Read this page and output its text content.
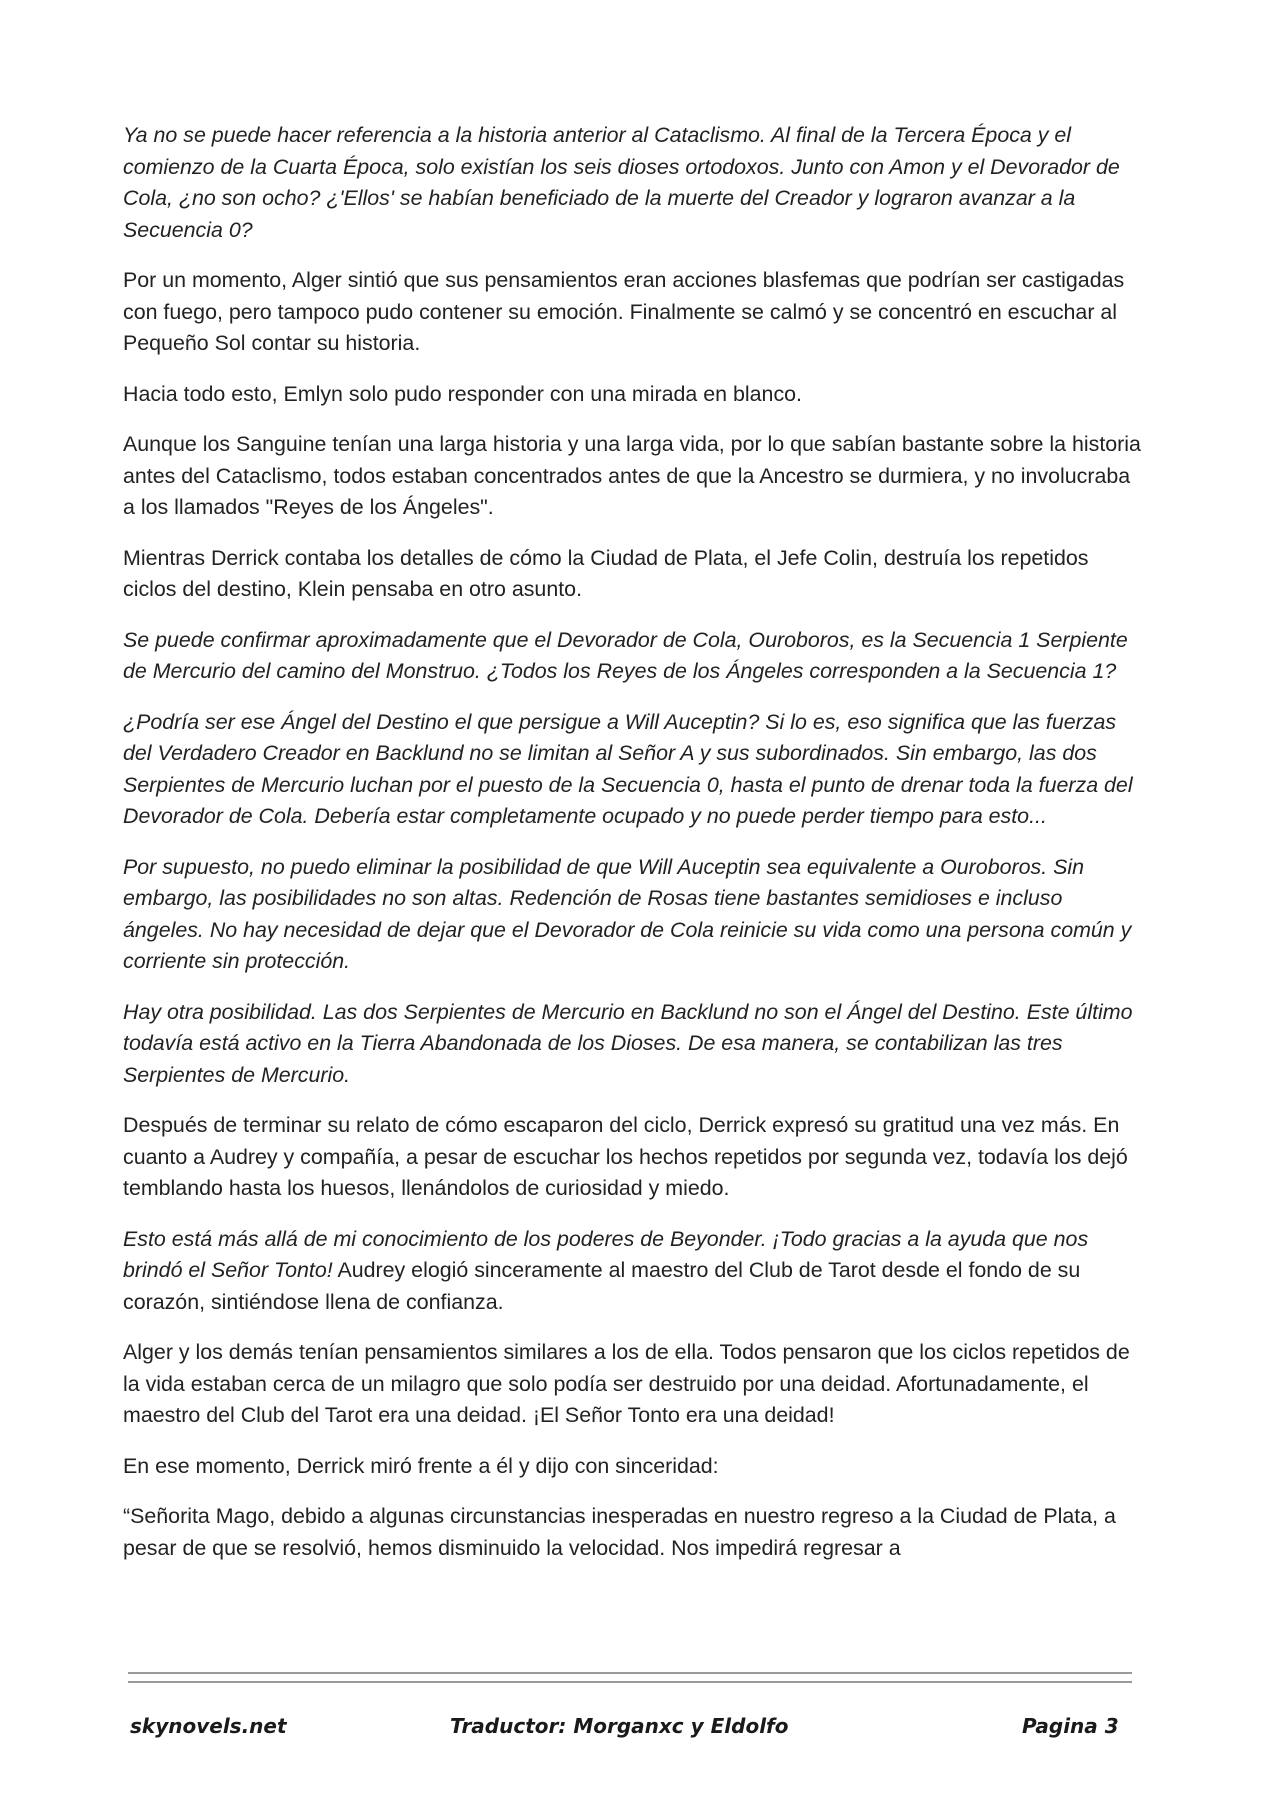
Ya no se puede hacer referencia a la historia anterior al Cataclismo. Al final de la Tercera Época y el comienzo de la Cuarta Época, solo existían los seis dioses ortodoxos. Junto con Amon y el Devorador de Cola, ¿no son ocho? ¿'Ellos' se habían beneficiado de la muerte del Creador y lograron avanzar a la Secuencia 0?

Por un momento, Alger sintió que sus pensamientos eran acciones blasfemas que podrían ser castigadas con fuego, pero tampoco pudo contener su emoción. Finalmente se calmó y se concentró en escuchar al Pequeño Sol contar su historia.

Hacia todo esto, Emlyn solo pudo responder con una mirada en blanco.

Aunque los Sanguine tenían una larga historia y una larga vida, por lo que sabían bastante sobre la historia antes del Cataclismo, todos estaban concentrados antes de que la Ancestro se durmiera, y no involucraba a los llamados "Reyes de los Ángeles".

Mientras Derrick contaba los detalles de cómo la Ciudad de Plata, el Jefe Colin, destruía los repetidos ciclos del destino, Klein pensaba en otro asunto.

Se puede confirmar aproximadamente que el Devorador de Cola, Ouroboros, es la Secuencia 1 Serpiente de Mercurio del camino del Monstruo. ¿Todos los Reyes de los Ángeles corresponden a la Secuencia 1?

¿Podría ser ese Ángel del Destino el que persigue a Will Auceptin? Si lo es, eso significa que las fuerzas del Verdadero Creador en Backlund no se limitan al Señor A y sus subordinados. Sin embargo, las dos Serpientes de Mercurio luchan por el puesto de la Secuencia 0, hasta el punto de drenar toda la fuerza del Devorador de Cola. Debería estar completamente ocupado y no puede perder tiempo para esto...

Por supuesto, no puedo eliminar la posibilidad de que Will Auceptin sea equivalente a Ouroboros. Sin embargo, las posibilidades no son altas. Redención de Rosas tiene bastantes semidioses e incluso ángeles. No hay necesidad de dejar que el Devorador de Cola reinicie su vida como una persona común y corriente sin protección.

Hay otra posibilidad. Las dos Serpientes de Mercurio en Backlund no son el Ángel del Destino. Este último todavía está activo en la Tierra Abandonada de los Dioses. De esa manera, se contabilizan las tres Serpientes de Mercurio.

Después de terminar su relato de cómo escaparon del ciclo, Derrick expresó su gratitud una vez más. En cuanto a Audrey y compañía, a pesar de escuchar los hechos repetidos por segunda vez, todavía los dejó temblando hasta los huesos, llenándolos de curiosidad y miedo.

Esto está más allá de mi conocimiento de los poderes de Beyonder. ¡Todo gracias a la ayuda que nos brindó el Señor Tonto! Audrey elogió sinceramente al maestro del Club de Tarot desde el fondo de su corazón, sintiéndose llena de confianza.

Alger y los demás tenían pensamientos similares a los de ella. Todos pensaron que los ciclos repetidos de la vida estaban cerca de un milagro que solo podía ser destruido por una deidad. Afortunadamente, el maestro del Club del Tarot era una deidad. ¡El Señor Tonto era una deidad!

En ese momento, Derrick miró frente a él y dijo con sinceridad:

“Señorita Mago, debido a algunas circunstancias inesperadas en nuestro regreso a la Ciudad de Plata, a pesar de que se resolvió, hemos disminuido la velocidad. Nos impedirá regresar a

skynovels.net	Traductor: Morganxc y Eldolfo	Pagina 3
